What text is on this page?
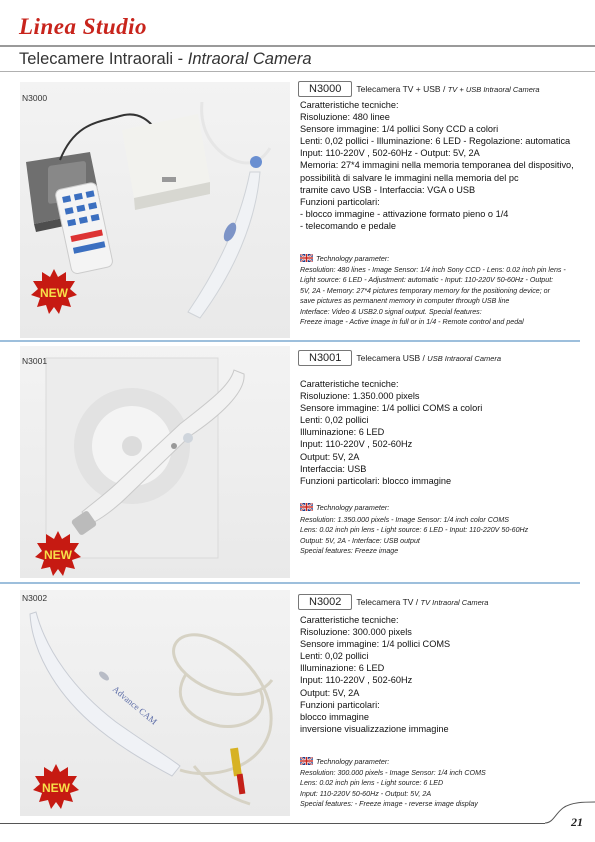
Linea Studio
Telecamere Intraorali - Intraoral Camera
N3000
NEW
N3000 Telecamera TV + USB / TV + USB Intraoral Camera
Caratteristiche tecniche:
Risoluzione: 480 linee
Sensore immagine: 1/4 pollici Sony CCD a colori
Lenti: 0,02 pollici - Illuminazione: 6 LED - Regolazione: automatica
Input: 110-220V , 502-60Hz - Output: 5V, 2A
Memoria: 27*4 immagini nella memoria temporanea del dispositivo,
possibilità di salvare le immagini nella memoria del pc
tramite cavo USB - Interfaccia: VGA o USB
Funzioni particolari:
- blocco immagine - attivazione formato pieno o 1/4
- telecomando e pedale
Technology parameter:
Resolution: 480 lines - Image Sensor: 1/4 inch Sony CCD - Lens: 0.02 inch pin lens -
Light source: 6 LED - Adjustment: automatic - Input: 110-220V 50-60Hz - Output:
5V, 2A - Memory: 27*4 pictures temporary memory for the positioning device; or
save pictures as permanent memory in computer through USB line
Interface: Video & USB2.0 signal output. Special features:
Freeze image - Active image in full or in 1/4 - Remote control and pedal
N3001
NEW
N3001 Telecamera USB / USB Intraoral Camera
Caratteristiche tecniche:
Risoluzione: 1.350.000 pixels
Sensore immagine: 1/4 pollici COMS a colori
Lenti: 0,02 pollici
Illuminazione: 6 LED
Input: 110-220V , 502-60Hz
Output: 5V, 2A
Interfaccia: USB
Funzioni particolari: blocco immagine
Technology parameter:
Resolution: 1.350.000 pixels - Image Sensor: 1/4 inch color COMS
Lens: 0.02 inch pin lens - Light source: 6 LED - Input: 110-220V 50-60Hz
Output: 5V, 2A - Interface: USB output
Special features: Freeze image
Advance CAM
N3002
NEW
N3002 Telecamera TV / TV Intraoral Camera
Caratteristiche tecniche:
Risoluzione: 300.000 pixels
Sensore immagine: 1/4 pollici COMS
Lenti: 0,02 pollici
Illuminazione: 6 LED
Input: 110-220V , 502-60Hz
Output: 5V, 2A
Funzioni particolari:
blocco immagine
inversione visualizzazione immagine
Technology parameter:
Resolution: 300.000 pixels - Image Sensor: 1/4 inch COMS
Lens: 0.02 inch pin lens - Light source: 6 LED
Input: 110-220V 50-60Hz - Output: 5V, 2A
Special features: - Freeze image - reverse image display
21
